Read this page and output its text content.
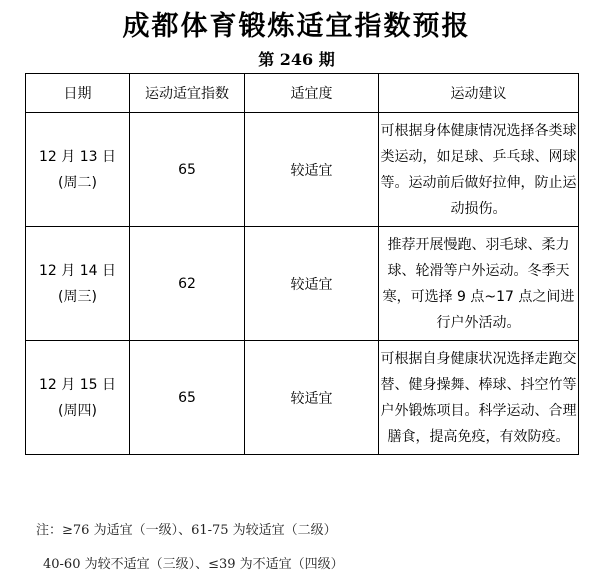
成都体育锻炼适宜指数预报
第 246 期
日期	运动适宜指数	适宜度	运动建议

12 月 13 日
(周二)	65	较适宜	可根据身体健康情况选择各类球类运动，如足球、乒乓球、网球等。运动前后做好拉伸，防止运动损伤。

12 月 14 日
(周三)	62	较适宜	推荐开展慢跑、羽毛球、柔力球、轮滑等户外运动。冬季天寒，可选择 9 点~17 点之间进行户外活动。

12 月 15 日
(周四)	65	较适宜	可根据自身健康状况选择走跑交替、健身操舞、棒球、抖空竹等户外锻炼项目。科学运动、合理膳食，提高免疫，有效防疫。
注：≥76 为适宜（一级）、61-75 为较适宜（二级）
40-60 为较不适宜（三级）、≤39 为不适宜（四级）
